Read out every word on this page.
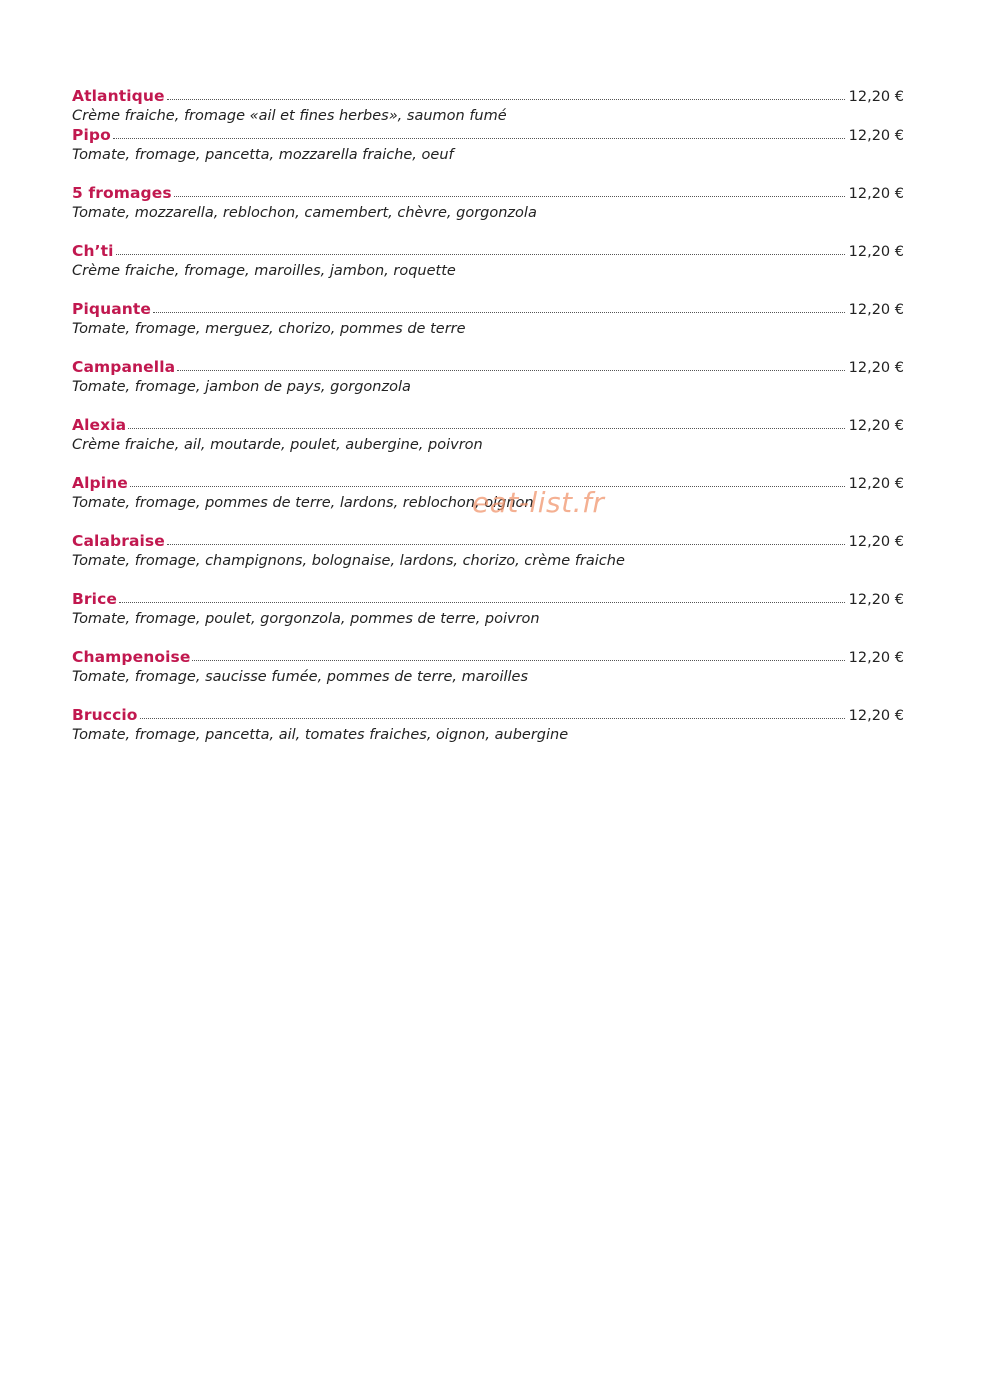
Atlantique	12,20 €
Crème fraiche, fromage «ail et fines herbes», saumon fumé
Pipo	12,20 €
Tomate, fromage, pancetta, mozzarella fraiche, oeuf
5 fromages	12,20 €
Tomate, mozzarella, reblochon, camembert, chèvre, gorgonzola
Ch’ti	12,20 €
Crème fraiche, fromage, maroilles, jambon, roquette
Piquante	12,20 €
Tomate, fromage, merguez, chorizo, pommes de terre
Campanella	12,20 €
Tomate, fromage, jambon de pays, gorgonzola
Alexia	12,20 €
Crème fraiche, ail, moutarde, poulet, aubergine, poivron
Alpine	12,20 €
Tomate, fromage, pommes de terre, lardons, reblochon, oignon
Calabraise	12,20 €
Tomate, fromage, champignons, bolognaise, lardons, chorizo, crème fraiche
Brice	12,20 €
Tomate, fromage, poulet, gorgonzola, pommes de terre, poivron
Champenoise	12,20 €
Tomate, fromage, saucisse fumée, pommes de terre, maroilles
Bruccio	12,20 €
Tomate, fromage, pancetta, ail, tomates fraiches, oignon, aubergine
eat-list.fr
